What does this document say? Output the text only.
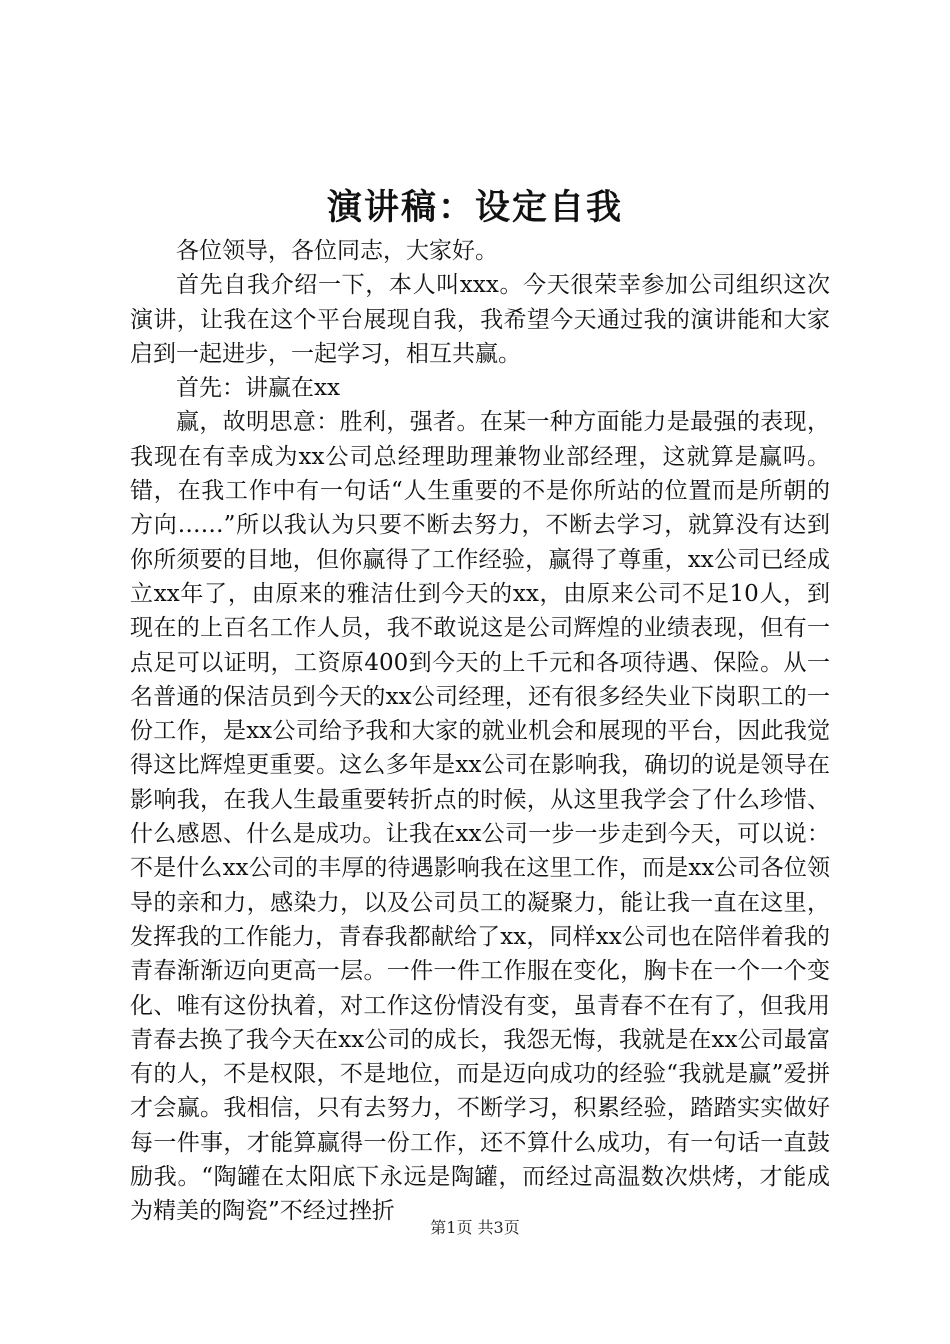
演讲稿：设定自我

各位领导，各位同志，大家好。

首先自我介绍一下，本人叫xxx。今天很荣幸参加公司组织这次演讲，让我在这个平台展现自我，我希望今天通过我的演讲能和大家启到一起进步，一起学习，相互共赢。

首先：讲赢在xx

赢，故明思意：胜利，强者。在某一种方面能力是最强的表现，我现在有幸成为xx公司总经理助理兼物业部经理，这就算是赢吗。错，在我工作中有一句话“人生重要的不是你所站的位置而是所朝的方向……”所以我认为只要不断去努力，不断去学习，就算没有达到你所须要的目地，但你赢得了工作经验，赢得了尊重，xx公司已经成立xx年了，由原来的雅洁仕到今天的xx，由原来公司不足10人，到现在的上百名工作人员，我不敢说这是公司辉煌的业绩表现，但有一点足可以证明，工资原400到今天的上千元和各项待遇、保险。从一名普通的保洁员到今天的xx公司经理，还有很多经失业下岗职工的一份工作，是xx公司给予我和大家的就业机会和展现的平台，因此我觉得这比辉煌更重要。这么多年是xx公司在影响我，确切的说是领导在影响我，在我人生最重要转折点的时候，从这里我学会了什么珍惜、什么感恩、什么是成功。让我在xx公司一步一步走到今天，可以说：不是什么xx公司的丰厚的待遇影响我在这里工作，而是xx公司各位领导的亲和力，感染力，以及公司员工的凝聚力，能让我一直在这里，发挥我的工作能力，青春我都献给了xx，同样xx公司也在陪伴着我的青春渐渐迈向更高一层。一件一件工作服在变化，胸卡在一个一个变化、唯有这份执着，对工作这份情没有变，虽青春不在有了，但我用青春去换了我今天在xx公司的成长，我怨无悔，我就是在xx公司最富有的人，不是权限，不是地位，而是迈向成功的经验“我就是赢”爱拼才会赢。我相信，只有去努力，不断学习，积累经验，踏踏实实做好每一件事，才能算赢得一份工作，还不算什么成功，有一句话一直鼓励我。“陶罐在太阳底下永远是陶罐，而经过高温数次烘烤，才能成为精美的陶瓷”不经过挫折

第1页 共3页
